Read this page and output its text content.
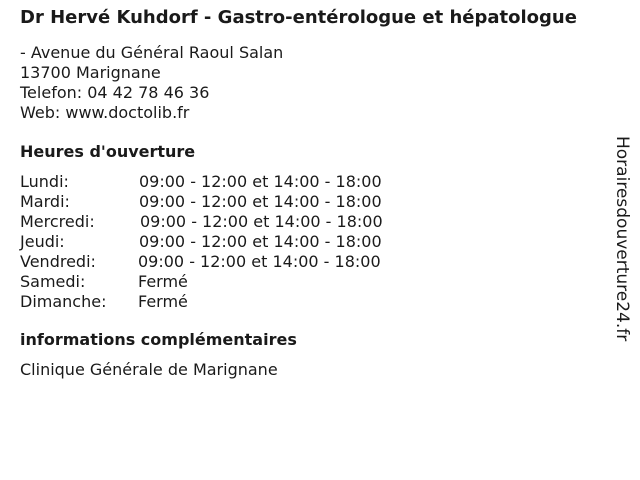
Dr Hervé Kuhdorf - Gastro-entérologue et hépatologue
- Avenue du Général Raoul Salan
13700 Marignane
Telefon: 04 42 78 46 36
Web: www.doctolib.fr
Heures d'ouverture
Lundi:	09:00 - 12:00 et 14:00 - 18:00
Mardi:	09:00 - 12:00 et 14:00 - 18:00
Mercredi:	09:00 - 12:00 et 14:00 - 18:00
Jeudi:	09:00 - 12:00 et 14:00 - 18:00
Vendredi:	09:00 - 12:00 et 14:00 - 18:00
Samedi:	Fermé
Dimanche: Fermé
informations complémentaires
Clinique Générale de Marignane
Horairesdouverture24.fr
